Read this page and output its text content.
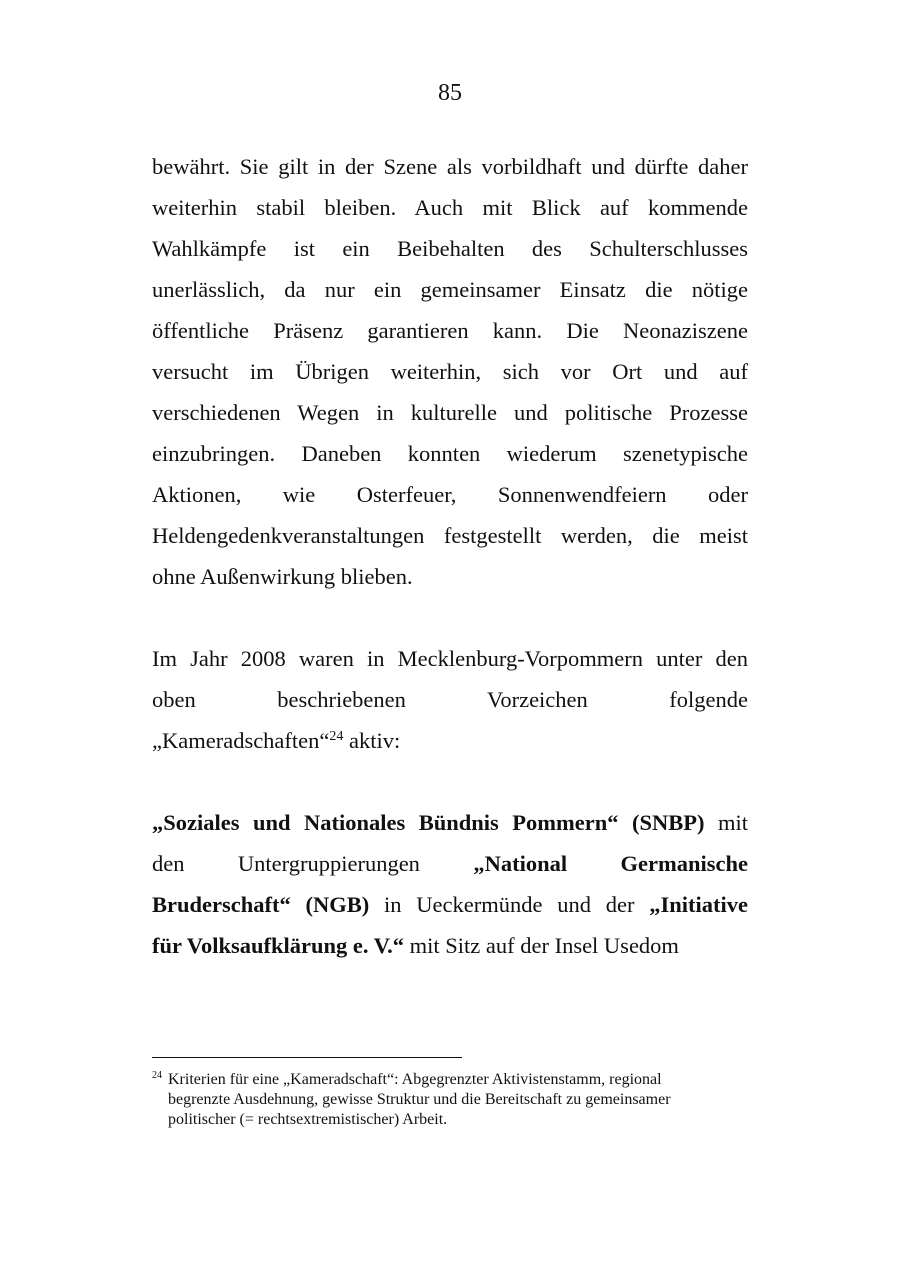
85
bewährt. Sie gilt in der Szene als vorbildhaft und dürfte daher
weiterhin stabil bleiben. Auch mit Blick auf kommende
Wahlkämpfe ist ein Beibehalten des Schulterschlusses
unerlässlich, da nur ein gemeinsamer Einsatz die nötige
öffentliche Präsenz garantieren kann. Die Neonaziszene
versucht im Übrigen weiterhin, sich vor Ort und auf
verschiedenen Wegen in kulturelle und politische Prozesse
einzubringen. Daneben konnten wiederum szenetypische
Aktionen, wie Osterfeuer, Sonnenwendfeiern oder
Heldengedenkveranstaltungen festgestellt werden, die meist
ohne Außenwirkung blieben.
Im Jahr 2008 waren in Mecklenburg-Vorpommern unter den
oben beschriebenen Vorzeichen folgende
„Kameradschaften“$^{24}$ aktiv:
„Soziales und Nationales Bündnis Pommern“ (SNBP) mit
den Untergruppierungen „National Germanische
Bruderschaft“ (NGB) in Ueckermünde und der „Initiative
für Volksaufklärung e. V.“ mit Sitz auf der Insel Usedom
24 Kriterien für eine „Kameradschaft“: Abgegrenzter Aktivistenstamm, regional
begrenzte Ausdehnung, gewisse Struktur und die Bereitschaft zu gemeinsamer
politischer (= rechtsextremistischer) Arbeit.
